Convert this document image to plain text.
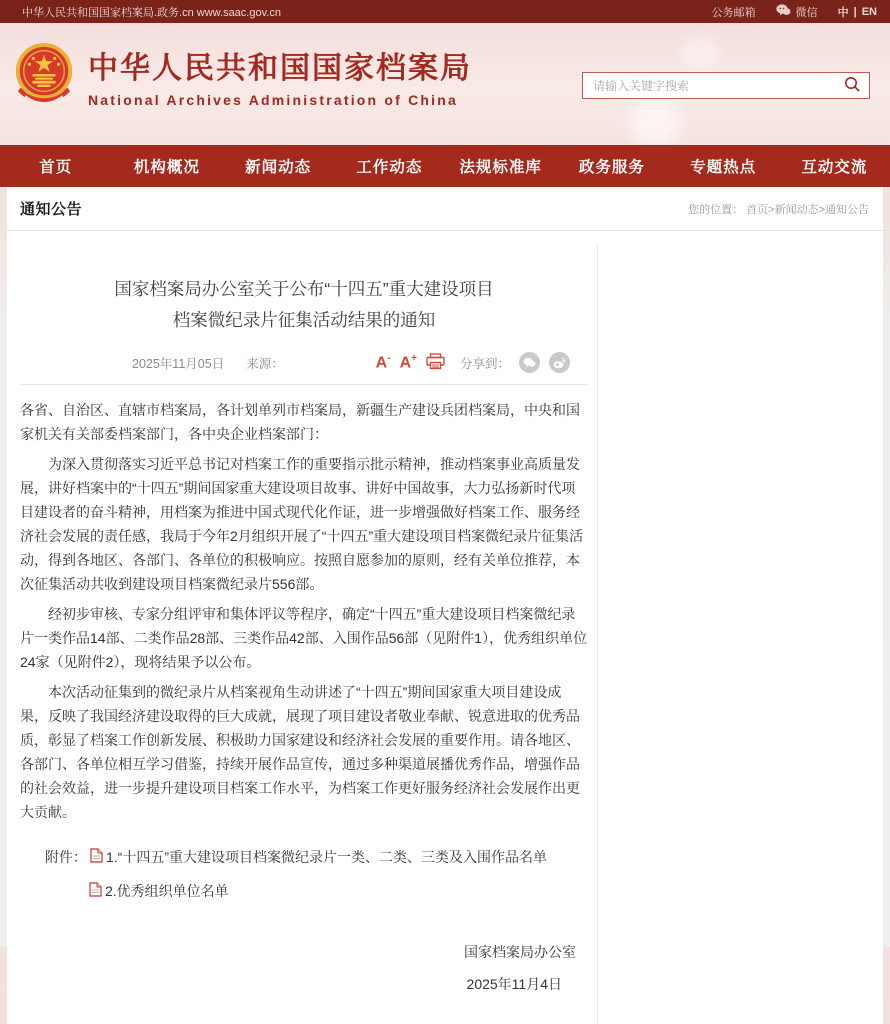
中华人民共和国国家档案局.政务.cn www.saac.gov.cn	公务邮箱	微信 中 | EN
中华人民共和国国家档案局
National Archives Administration of China
请输入关键字搜索
首页	机构概况	新闻动态	工作动态	法规标准库	政务服务	专题热点	互动交流
通知公告	您的位置： 首页>新闻动态>通知公告
国家档案局办公室关于公布“十四五”重大建设项目
档案微纪录片征集活动结果的通知
2025年11月05日 来源：	A- A+	分享到：

各省、自治区、直辖市档案局，各计划单列市档案局，新疆生产建设兵团档案局，中央和国家机关有关部委档案部门，各中央企业档案部门：

为深入贯彻落实习近平总书记对档案工作的重要指示批示精神，推动档案事业高质量发展，讲好档案中的“十四五”期间国家重大建设项目故事、讲好中国故事，大力弘扬新时代项目建设者的奋斗精神，用档案为推进中国式现代化作证，进一步增强做好档案工作、服务经济社会发展的责任感，我局于今年2月组织开展了“十四五”重大建设项目档案微纪录片征集活动，得到各地区、各部门、各单位的积极响应。按照自愿参加的原则，经有关单位推荐，本次征集活动共收到建设项目档案微纪录片556部。

经初步审核、专家分组评审和集体评议等程序，确定“十四五”重大建设项目档案微纪录片一类作品14部、二类作品28部、三类作品42部、入围作品56部（见附件1），优秀组织单位24家（见附件2），现将结果予以公布。

本次活动征集到的微纪录片从档案视角生动讲述了“十四五”期间国家重大项目建设成果，反映了我国经济建设取得的巨大成就，展现了项目建设者敬业奉献、锐意进取的优秀品质，彰显了档案工作创新发展、积极助力国家建设和经济社会发展的重要作用。请各地区、各部门、各单位相互学习借鉴，持续开展作品宣传，通过多种渠道展播优秀作品，增强作品的社会效益，进一步提升建设项目档案工作水平，为档案工作更好服务经济社会发展作出更大贡献。

附件： 1.“十四五”重大建设项目档案微纪录片一类、二类、三类及入围作品名单
2.优秀组织单位名单
国家档案局办公室
2025年11月4日
